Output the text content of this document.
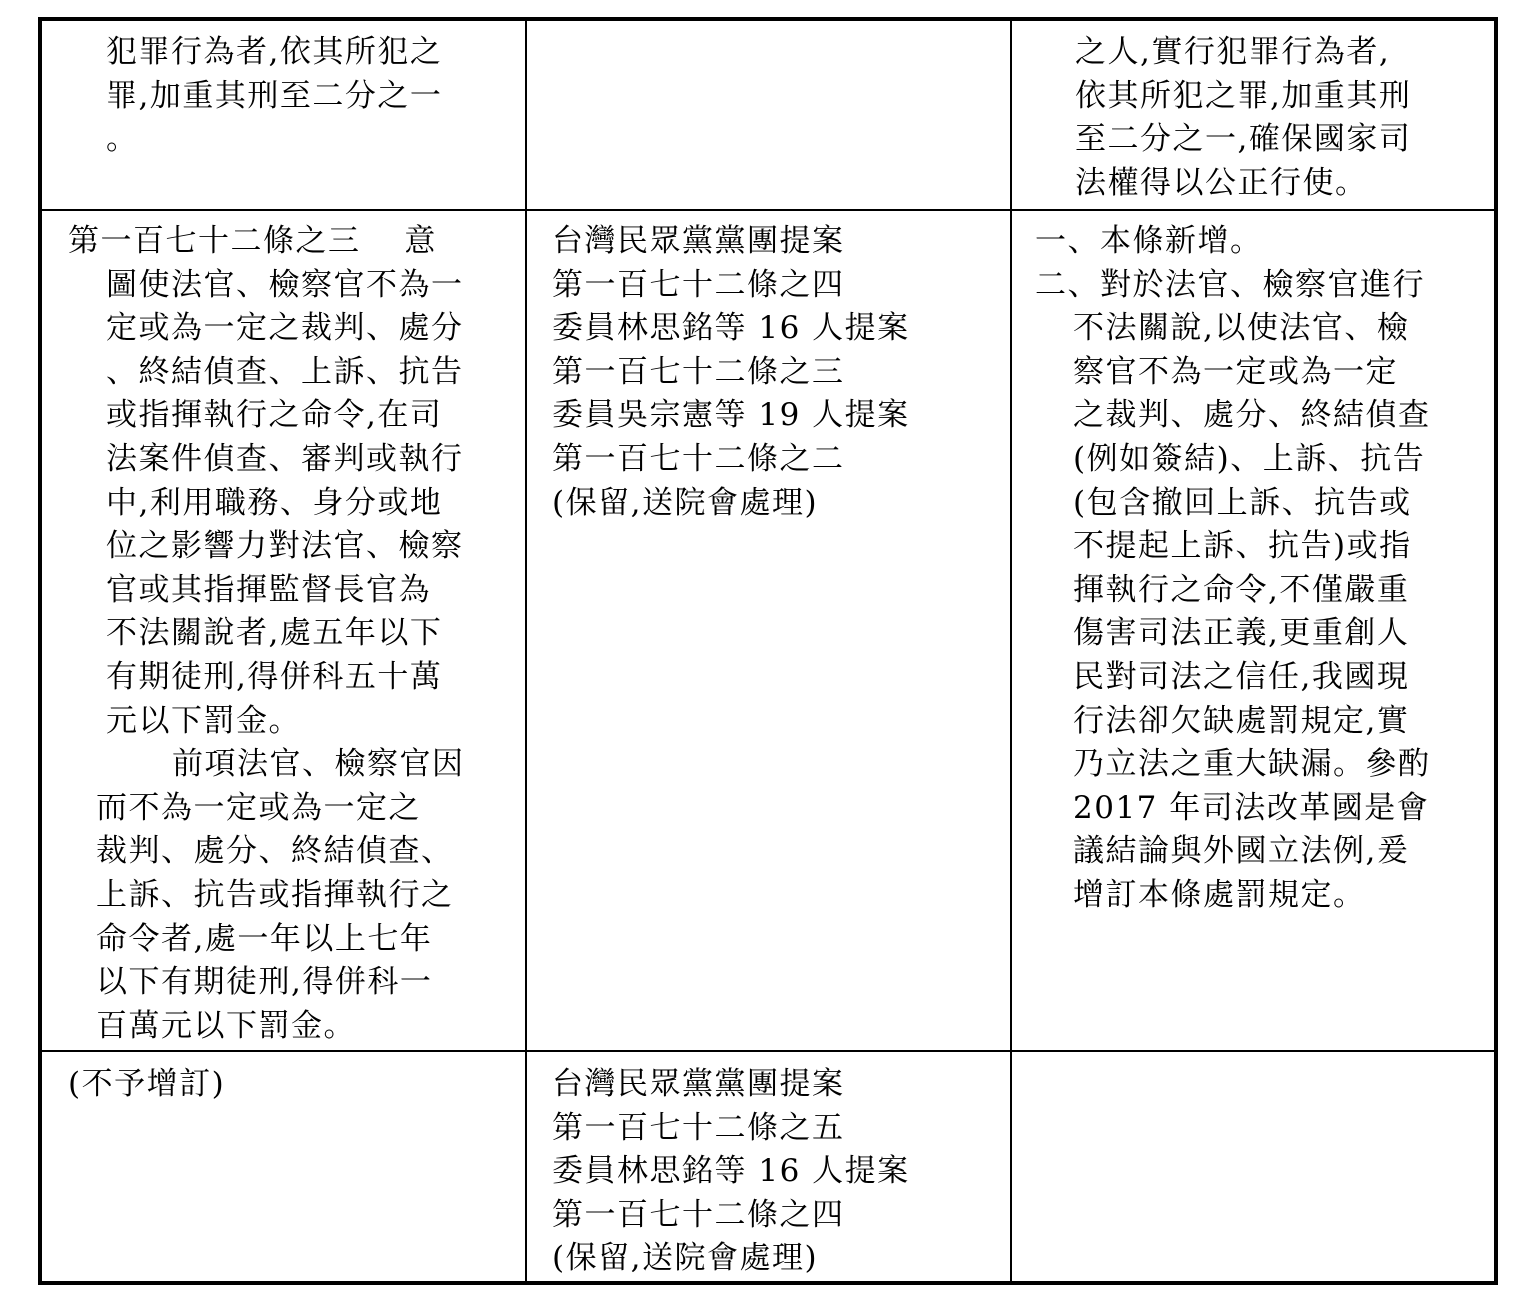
犯罪行為者,依其所犯之
罪,加重其刑至二分之一
。
之人,實行犯罪行為者,
依其所犯之罪,加重其刑
至二分之一,確保國家司
法權得以公正行使。
第一百七十二條之三　 意
圖使法官、檢察官不為一
定或為一定之裁判、處分
、終結偵查、上訴、抗告
或指揮執行之命令,在司
法案件偵查、審判或執行
中,利用職務、身分或地
位之影響力對法官、檢察
官或其指揮監督長官為
不法關說者,處五年以下
有期徒刑,得併科五十萬
元以下罰金。
前項法官、檢察官因
而不為一定或為一定之
裁判、處分、終結偵查、
上訴、抗告或指揮執行之
命令者,處一年以上七年
以下有期徒刑,得併科一
百萬元以下罰金。
台灣民眾黨黨團提案
第一百七十二條之四
委員林思銘等 16 人提案
第一百七十二條之三
委員吳宗憲等 19 人提案
第一百七十二條之二
(保留,送院會處理)
一、本條新增。
二、對於法官、檢察官進行
不法關說,以使法官、檢
察官不為一定或為一定
之裁判、處分、終結偵查
(例如簽結)、上訴、抗告
(包含撤回上訴、抗告或
不提起上訴、抗告)或指
揮執行之命令,不僅嚴重
傷害司法正義,更重創人
民對司法之信任,我國現
行法卻欠缺處罰規定,實
乃立法之重大缺漏。參酌
2017 年司法改革國是會
議結論與外國立法例,爰
增訂本條處罰規定。
(不予增訂)	台灣民眾黨黨團提案
第一百七十二條之五
委員林思銘等 16 人提案
第一百七十二條之四
(保留,送院會處理)
